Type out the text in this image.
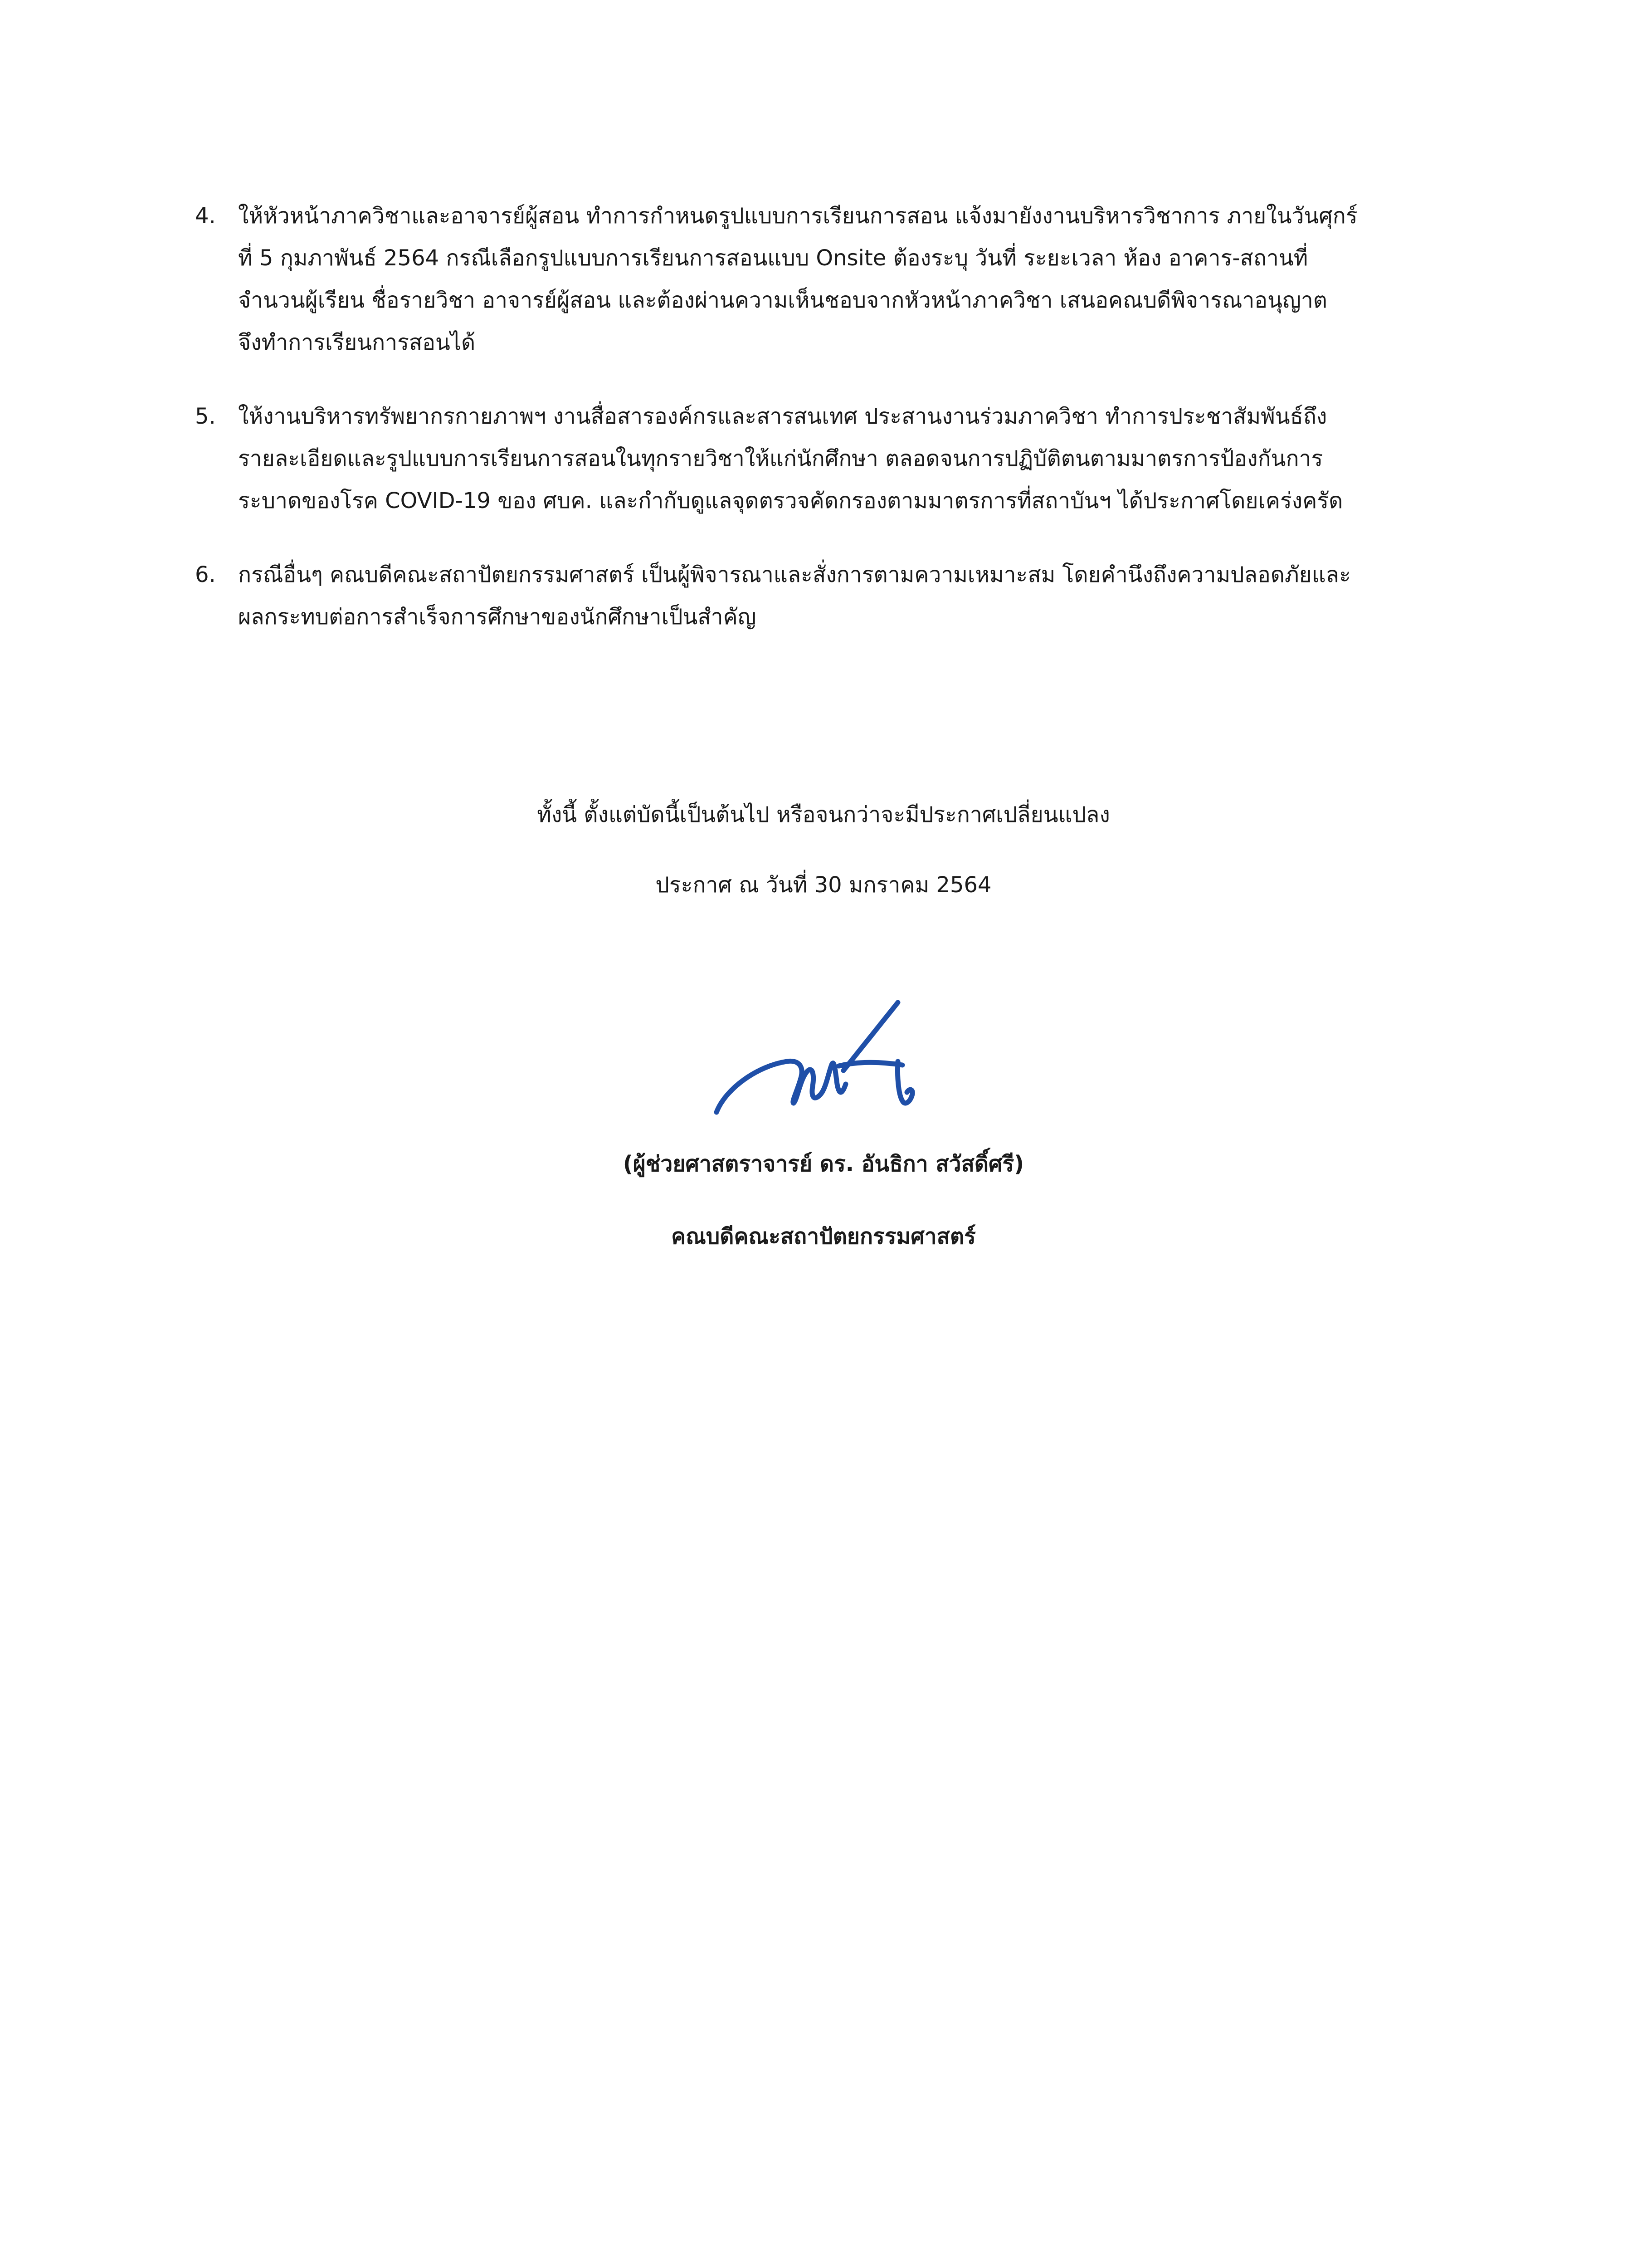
4. ให้หัวหน้าภาควิชาและอาจารย์ผู้สอน ทำการกำหนดรูปแบบการเรียนการสอน แจ้งมายังงานบริหารวิชาการ ภายในวันศุกร์
ที่ 5 กุมภาพันธ์ 2564 กรณีเลือกรูปแบบการเรียนการสอนแบบ Onsite ต้องระบุ วันที่ ระยะเวลา ห้อง อาคาร-สถานที่
จำนวนผู้เรียน ชื่อรายวิชา อาจารย์ผู้สอน และต้องผ่านความเห็นชอบจากหัวหน้าภาควิชา เสนอคณบดีพิจารณาอนุญาต
จึงทำการเรียนการสอนได้
5. ให้งานบริหารทรัพยากรกายภาพฯ งานสื่อสารองค์กรและสารสนเทศ ประสานงานร่วมภาควิชา ทำการประชาสัมพันธ์ถึง
รายละเอียดและรูปแบบการเรียนการสอนในทุกรายวิชาให้แก่นักศึกษา ตลอดจนการปฏิบัติตนตามมาตรการป้องกันการ
ระบาดของโรค COVID-19 ของ ศบค. และกำกับดูแลจุดตรวจคัดกรองตามมาตรการที่สถาบันฯ ได้ประกาศโดยเคร่งครัด
6. กรณีอื่นๆ คณบดีคณะสถาปัตยกรรมศาสตร์ เป็นผู้พิจารณาและสั่งการตามความเหมาะสม โดยคำนึงถึงความปลอดภัยและ
ผลกระทบต่อการสำเร็จการศึกษาของนักศึกษาเป็นสำคัญ
ทั้งนี้ ตั้งแต่บัดนี้เป็นต้นไป หรือจนกว่าจะมีประกาศเปลี่ยนแปลง
ประกาศ ณ วันที่ 30 มกราคม 2564
(ผู้ช่วยศาสตราจารย์ ดร. อันธิกา สวัสดิ์ศรี)
คณบดีคณะสถาปัตยกรรมศาสตร์
